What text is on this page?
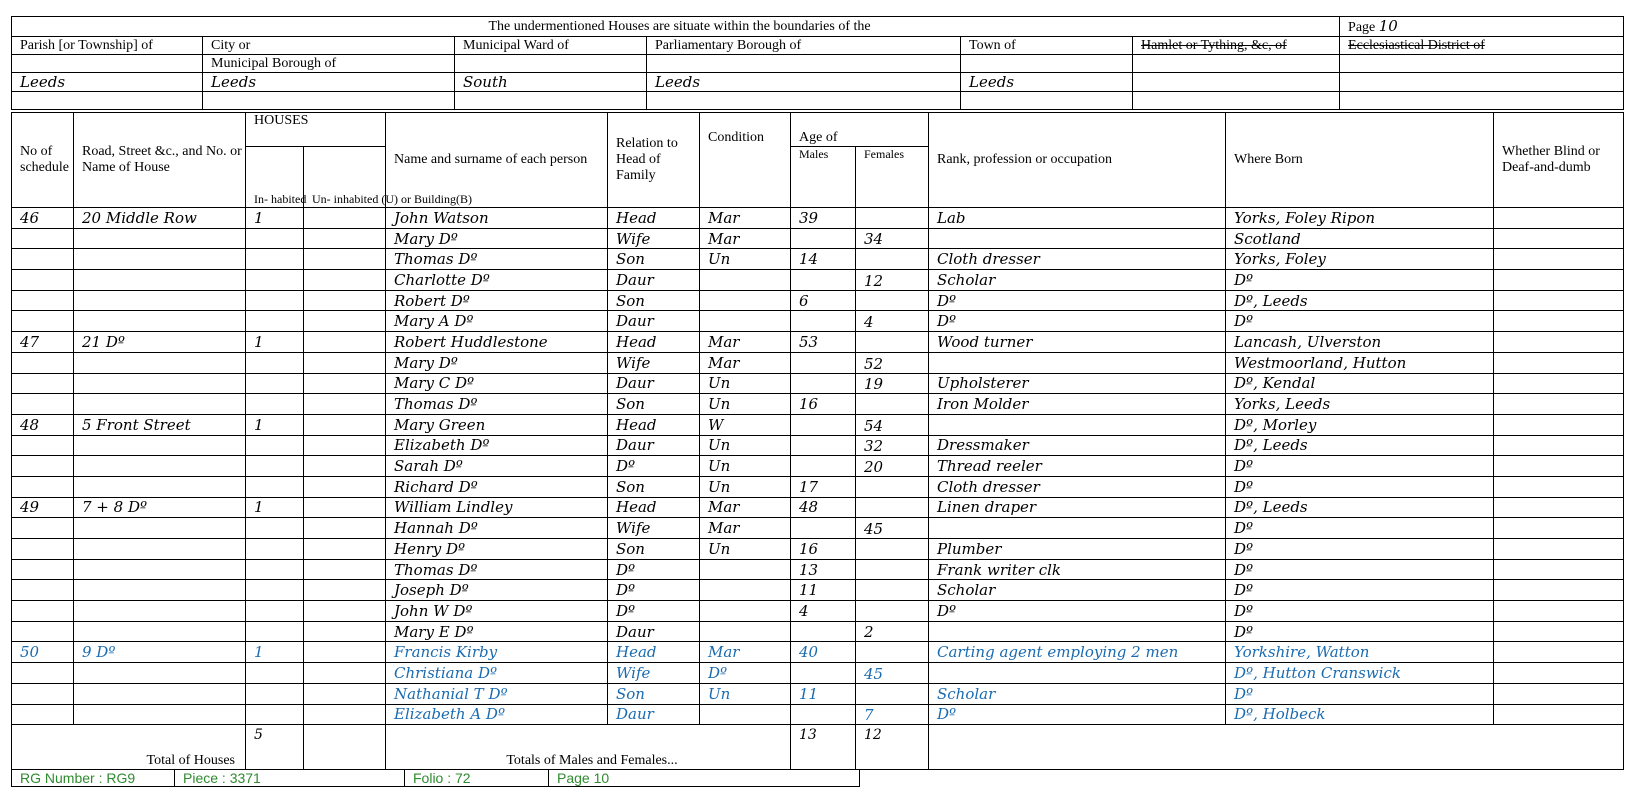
The undermentioned Houses are situate within the boundaries of the						Page 10
Parish [or Township] of	City or	Municipal Ward of	Parliamentary Borough of	Town of	Hamlet or Tything, &c, of	Ecclesiastical District of
	Municipal Borough of					
Leeds	Leeds	South	Leeds	Leeds		

No of schedule	Road, Street &c., and No. or Name of House	HOUSES		Name and surname of each person	Relation to Head of Family	Condition	Age of		Rank, profession or occupation	Where Born	Whether Blind or Deaf-and-dumb
		In- habited	Un- inhabited (U) or Building(B)				Males	Females			
46	20 Middle Row	1		John Watson	Head	Mar	39		Lab	Yorks, Foley Ripon	
				Mary Dº	Wife	Mar		34		Scotland	
				Thomas Dº	Son	Un	14		Cloth dresser	Yorks, Foley	
				Charlotte Dº	Daur			12	Scholar	Dº	
				Robert Dº	Son		6		Dº	Dº, Leeds	
				Mary A Dº	Daur			4	Dº	Dº	
47	21 Dº	1		Robert Huddlestone	Head	Mar	53		Wood turner	Lancash, Ulverston	
				Mary Dº	Wife	Mar		52		Westmoorland, Hutton	
				Mary C Dº	Daur	Un		19	Upholsterer	Dº, Kendal	
				Thomas Dº	Son	Un	16		Iron Molder	Yorks, Leeds	
48	5 Front Street	1		Mary Green	Head	W		54		Dº, Morley	
				Elizabeth Dº	Daur	Un		32	Dressmaker	Dº, Leeds	
				Sarah Dº	Dº	Un		20	Thread reeler	Dº	
				Richard Dº	Son	Un	17		Cloth dresser	Dº	
49	7 + 8 Dº	1		William Lindley	Head	Mar	48		Linen draper	Dº, Leeds	
				Hannah Dº	Wife	Mar		45		Dº	
				Henry Dº	Son	Un	16		Plumber	Dº	
				Thomas Dº	Dº		13		Frank writer clk	Dº	
				Joseph Dº	Dº		11		Scholar	Dº	
				John W Dº	Dº		4		Dº	Dº	
				Mary E Dº	Daur			2		Dº	
50	9 Dº	1		Francis Kirby	Head	Mar	40		Carting agent employing 2 men	Yorkshire, Watton	
				Christiana Dº	Wife	Dº		45		Dº, Hutton Cranswick	
				Nathanial T Dº	Son	Un	11		Scholar	Dº	
				Elizabeth A Dº	Daur			7	Dº	Dº, Holbeck	
Total of Houses		5		Totals of Males and Females...			13	12			
RG Number : RG9	Piece : 3371	Folio : 72	Page 10
